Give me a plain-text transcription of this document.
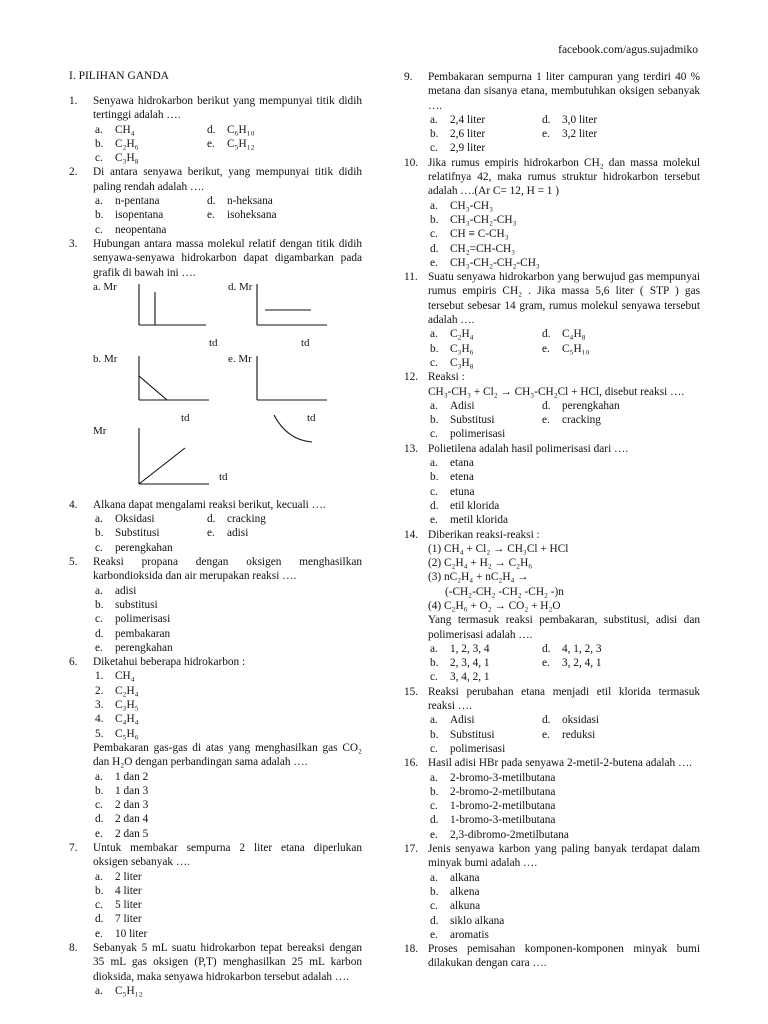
facebook.com/agus.sujadmiko
I. PILIHAN GANDA
1. Senyawa hidrokarbon berikut yang mempunyai titik didih tertinggi adalah ….
a. CH₄	d. C₆H₁₀
b. C₂H₆	e. C₅H₁₂
c. C₃H₈
2. Di antara senyawa berikut, yang mempunyai titik didih paling rendah adalah ….
a. n-pentana	d. n-heksana
b. isopentana	e. isoheksana
c. neopentana
3. Hubungan antara massa molekul relatif dengan titik didih senyawa-senyawa hidrokarbon dapat digambarkan pada grafik di bawah ini ….
a. Mr	d. Mr
td	td
b. Mr	e. Mr
td	td
Mr
td
4. Alkana dapat mengalami reaksi berikut, kecuali ….
a. Oksidasi	d. cracking
b. Substitusi	e. adisi
c. perengkahan
5. Reaksi propana dengan oksigen menghasilkan karbondioksida dan air merupakan reaksi ….
a. adisi
b. substitusi
c. polimerisasi
d. pembakaran
e. perengkahan
6. Diketahui beberapa hidrokarbon :
1. CH₄
2. C₂H₄
3. C₃H₅
4. C₄H₄
5. C₅H₆
Pembakaran gas-gas di atas yang menghasilkan gas CO₂ dan H₂O dengan perbandingan sama adalah ….
a. 1 dan 2
b. 1 dan 3
c. 2 dan 3
d. 2 dan 4
e. 2 dan 5
7. Untuk membakar sempurna 2 liter etana diperlukan oksigen sebanyak ….
a. 2 liter
b. 4 liter
c. 5 liter
d. 7 liter
e. 10 liter
8. Sebanyak 5 mL suatu hidrokarbon tepat bereaksi dengan 35 mL gas oksigen (P,T) menghasilkan 25 mL karbon dioksida, maka senyawa hidrokarbon tersebut adalah ….
a. C₅H₁₂
9. Pembakaran sempurna 1 liter campuran yang terdiri 40 % metana dan sisanya etana, membutuhkan oksigen sebanyak ….
a. 2,4 liter	d. 3,0 liter
b. 2,6 liter	e. 3,2 liter
c. 2,9 liter
10. Jika rumus empiris hidrokarbon CH₂ dan massa molekul relatifnya 42, maka rumus struktur hidrokarbon tersebut adalah ….(Ar C= 12, H = 1 )
a. CH₃-CH₃
b. CH₃-CH₂-CH₃
c. CH ≡ C-CH₃
d. CH₂=CH-CH₃
e. CH₃-CH₂-CH₂-CH₃
11. Suatu senyawa hidrokarbon yang berwujud gas mempunyai rumus empiris CH₂ . Jika massa 5,6 liter ( STP ) gas tersebut sebesar 14 gram, rumus molekul senyawa tersebut adalah ….
a. C₂H₄	d. C₄H₈
b. C₃H₆	e. C₅H₁₀
c. C₃H₈
12. Reaksi :
CH₃-CH₃ + Cl₂ → CH₃-CH₂Cl + HCl, disebut reaksi ….
a. Adisi	d. perengkahan
b. Substitusi	e. cracking
c. polimerisasi
13. Polietilena adalah hasil polimerisasi dari ….
a. etana
b. etena
c. etuna
d. etil klorida
e. metil klorida
14. Diberikan reaksi-reaksi :
(1) CH₄ + Cl₂ → CH₃Cl + HCl
(2) C₂H₄ + H₂ → C₂H₆
(3) nC₂H₄ + nC₂H₄ →
(-CH₂-CH₂ -CH₂ -CH₂ -)n
(4) C₂H₆ + O₂ → CO₂ + H₂O
Yang termasuk reaksi pembakaran, substitusi, adisi dan polimerisasi adalah ….
a. 1, 2, 3, 4	d. 4, 1, 2, 3
b. 2, 3, 4, 1	e. 3, 2, 4, 1
c. 3, 4, 2, 1
15. Reaksi perubahan etana menjadi etil klorida termasuk reaksi ….
a. Adisi	d. oksidasi
b. Substitusi	e. reduksi
c. polimerisasi
16. Hasil adisi HBr pada senyawa 2-metil-2-butena adalah ….
a. 2-bromo-3-metilbutana
b. 2-bromo-2-metilbutana
c. 1-bromo-2-metilbutana
d. 1-bromo-3-metilbutana
e. 2,3-dibromo-2metilbutana
17. Jenis senyawa karbon yang paling banyak terdapat dalam minyak bumi adalah ….
a. alkana
b. alkena
c. alkuna
d. siklo alkana
e. aromatis
18. Proses pemisahan komponen-komponen minyak bumi dilakukan dengan cara ….
